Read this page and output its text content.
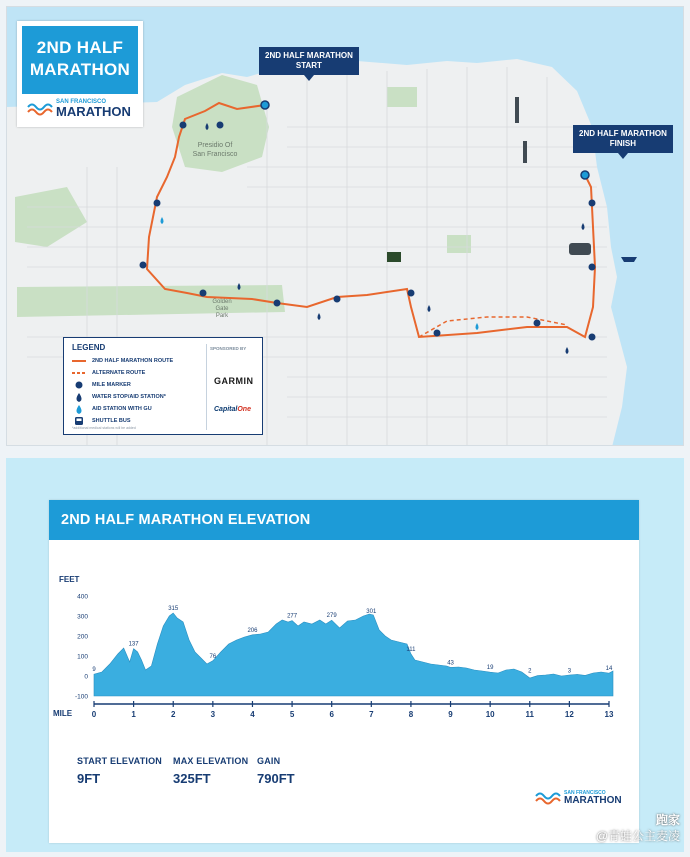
Presidio Of
San Francisco
Golden
Gate
Park
2ND HALF
MARATHON
SAN FRANCISCO
MARATHON
2ND HALF MARATHON
START
2ND HALF MARATHON
FINISH
LEGEND
2ND HALF MARATHON ROUTE
ALTERNATE ROUTE
MILE MARKER
WATER STOP/AID STATION*
AID STATION WITH GU
SHUTTLE BUS
*additional medical stations will be added
SPONSORED BY
GARMIN
CapitalOne
2ND HALF MARATHON ELEVATION
FEET
MILE
400
300
200
100
0
-100
0	1	2	3	4	5	6	7	8	9	10	11	12	13
9
137
315
76
206
277	279
301
111
43
19
2	3	14
START ELEVATION
9FT
MAX ELEVATION
325FT
GAIN
790FT
SAN FRANCISCO
MARATHON
跑家
@青蛙公主麦凌
